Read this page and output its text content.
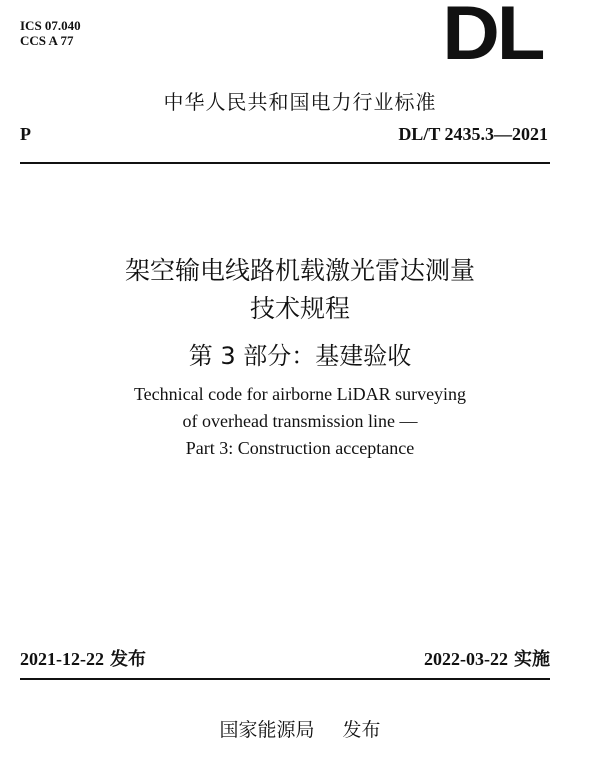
ICS 07.040
CCS A 77	DL
中华人民共和国电力行业标准
P	DL/T 2435.3—2021
架空输电线路机载激光雷达测量
技术规程
第 3 部分：基建验收
Technical code for airborne LiDAR surveying
of overhead transmission line —
Part 3: Construction acceptance
2021-12-22 发布	2022-03-22 实施
国家能源局 发布
